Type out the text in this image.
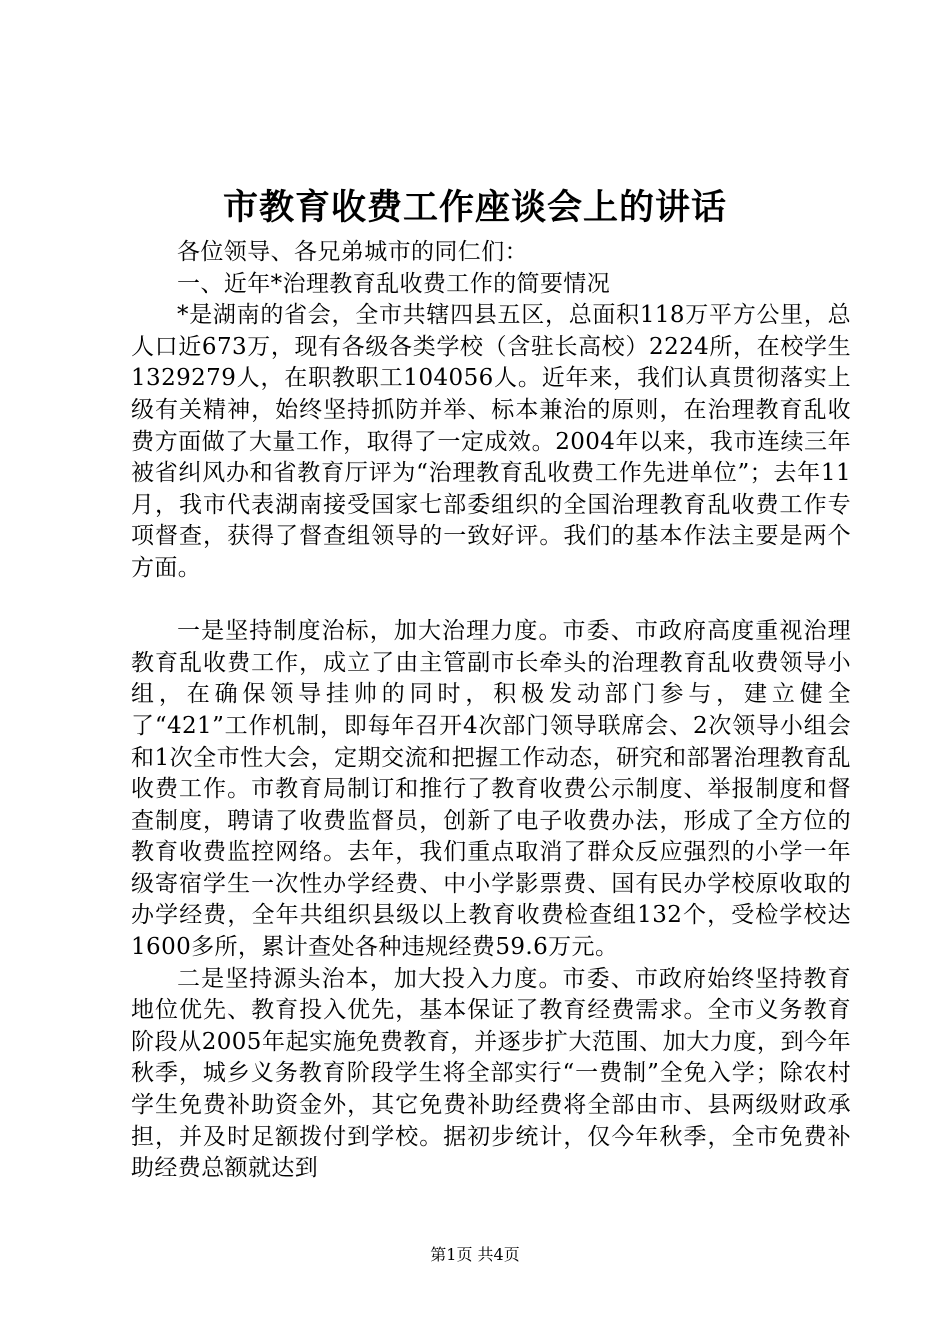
市教育收费工作座谈会上的讲话

各位领导、各兄弟城市的同仁们：

一、近年*治理教育乱收费工作的简要情况

*是湖南的省会，全市共辖四县五区，总面积118万平方公里，总人口近673万，现有各级各类学校（含驻长高校）2224所，在校学生1329279人，在职教职工104056人。近年来，我们认真贯彻落实上级有关精神，始终坚持抓防并举、标本兼治的原则，在治理教育乱收费方面做了大量工作，取得了一定成效。2004年以来，我市连续三年被省纠风办和省教育厅评为“治理教育乱收费工作先进单位”；去年11月，我市代表湖南接受国家七部委组织的全国治理教育乱收费工作专项督查，获得了督查组领导的一致好评。我们的基本作法主要是两个方面。

一是坚持制度治标，加大治理力度。市委、市政府高度重视治理教育乱收费工作，成立了由主管副市长牵头的治理教育乱收费领导小组，在确保领导挂帅的同时，积极发动部门参与，建立健全了“421”工作机制，即每年召开4次部门领导联席会、2次领导小组会和1次全市性大会，定期交流和把握工作动态，研究和部署治理教育乱收费工作。市教育局制订和推行了教育收费公示制度、举报制度和督查制度，聘请了收费监督员，创新了电子收费办法，形成了全方位的教育收费监控网络。去年，我们重点取消了群众反应强烈的小学一年级寄宿学生一次性办学经费、中小学影票费、国有民办学校原收取的办学经费，全年共组织县级以上教育收费检查组132个，受检学校达1600多所，累计查处各种违规经费59.6万元。

二是坚持源头治本，加大投入力度。市委、市政府始终坚持教育地位优先、教育投入优先，基本保证了教育经费需求。全市义务教育阶段从2005年起实施免费教育，并逐步扩大范围、加大力度，到今年秋季，城乡义务教育阶段学生将全部实行“一费制”全免入学；除农村学生免费补助资金外，其它免费补助经费将全部由市、县两级财政承担，并及时足额拨付到学校。据初步统计，仅今年秋季，全市免费补助经费总额就达到

第1页 共4页
